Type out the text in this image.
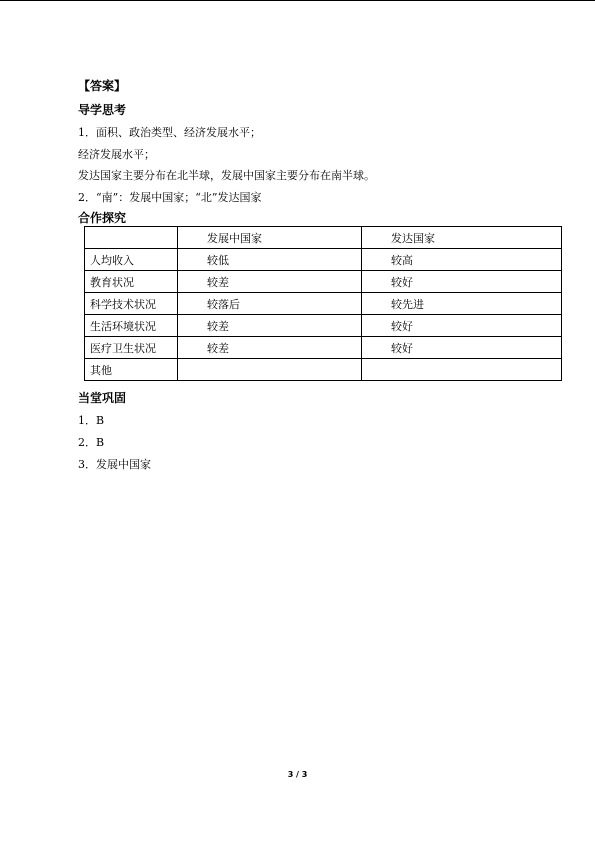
【答案】
导学思考
1．面积、政治类型、经济发展水平；
经济发展水平；
发达国家主要分布在北半球，发展中国家主要分布在南半球。
2．“南”：发展中国家；“北”发达国家
合作探究
	发展中国家	发达国家
人均收入	较低	较高
教育状况	较差	较好
科学技术状况	较落后	较先进
生活环境状况	较差	较好
医疗卫生状况	较差	较好
其他		
当堂巩固
1．B
2．B
3．发展中国家
3 / 3
